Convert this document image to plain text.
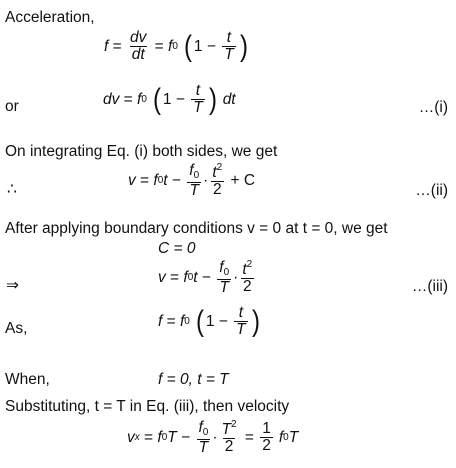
Acceleration,
$f = \frac{dv}{dt} = f$ 0 ( $1 - \frac{t}{T}$ )
or	dv = f 0 ( $1 - \frac{t}{T}$ ) dt	…(i)
On integrating Eq. (i) both sides, we get
∴
v = f 0 $t - \frac{f_0}{T} \cdot \frac{t^2}{2}$
+ C
…(ii)
After applying boundary conditions v = 0 at t = 0, we get
C = 0
⇒	v = f 0 $t - \frac{f_0}{T} \cdot \frac{t^2}{2}$	…(iii)
As,	f = f 0 ( $1 - \frac{t}{T}$ )
When,	f = 0, t = T
Substituting, t = T in Eq. (iii), then velocity
v x = f 0 $T - \frac{f_0}{T} \cdot \frac{T^2}{2} = \frac{1}{2}$ f 0 T
